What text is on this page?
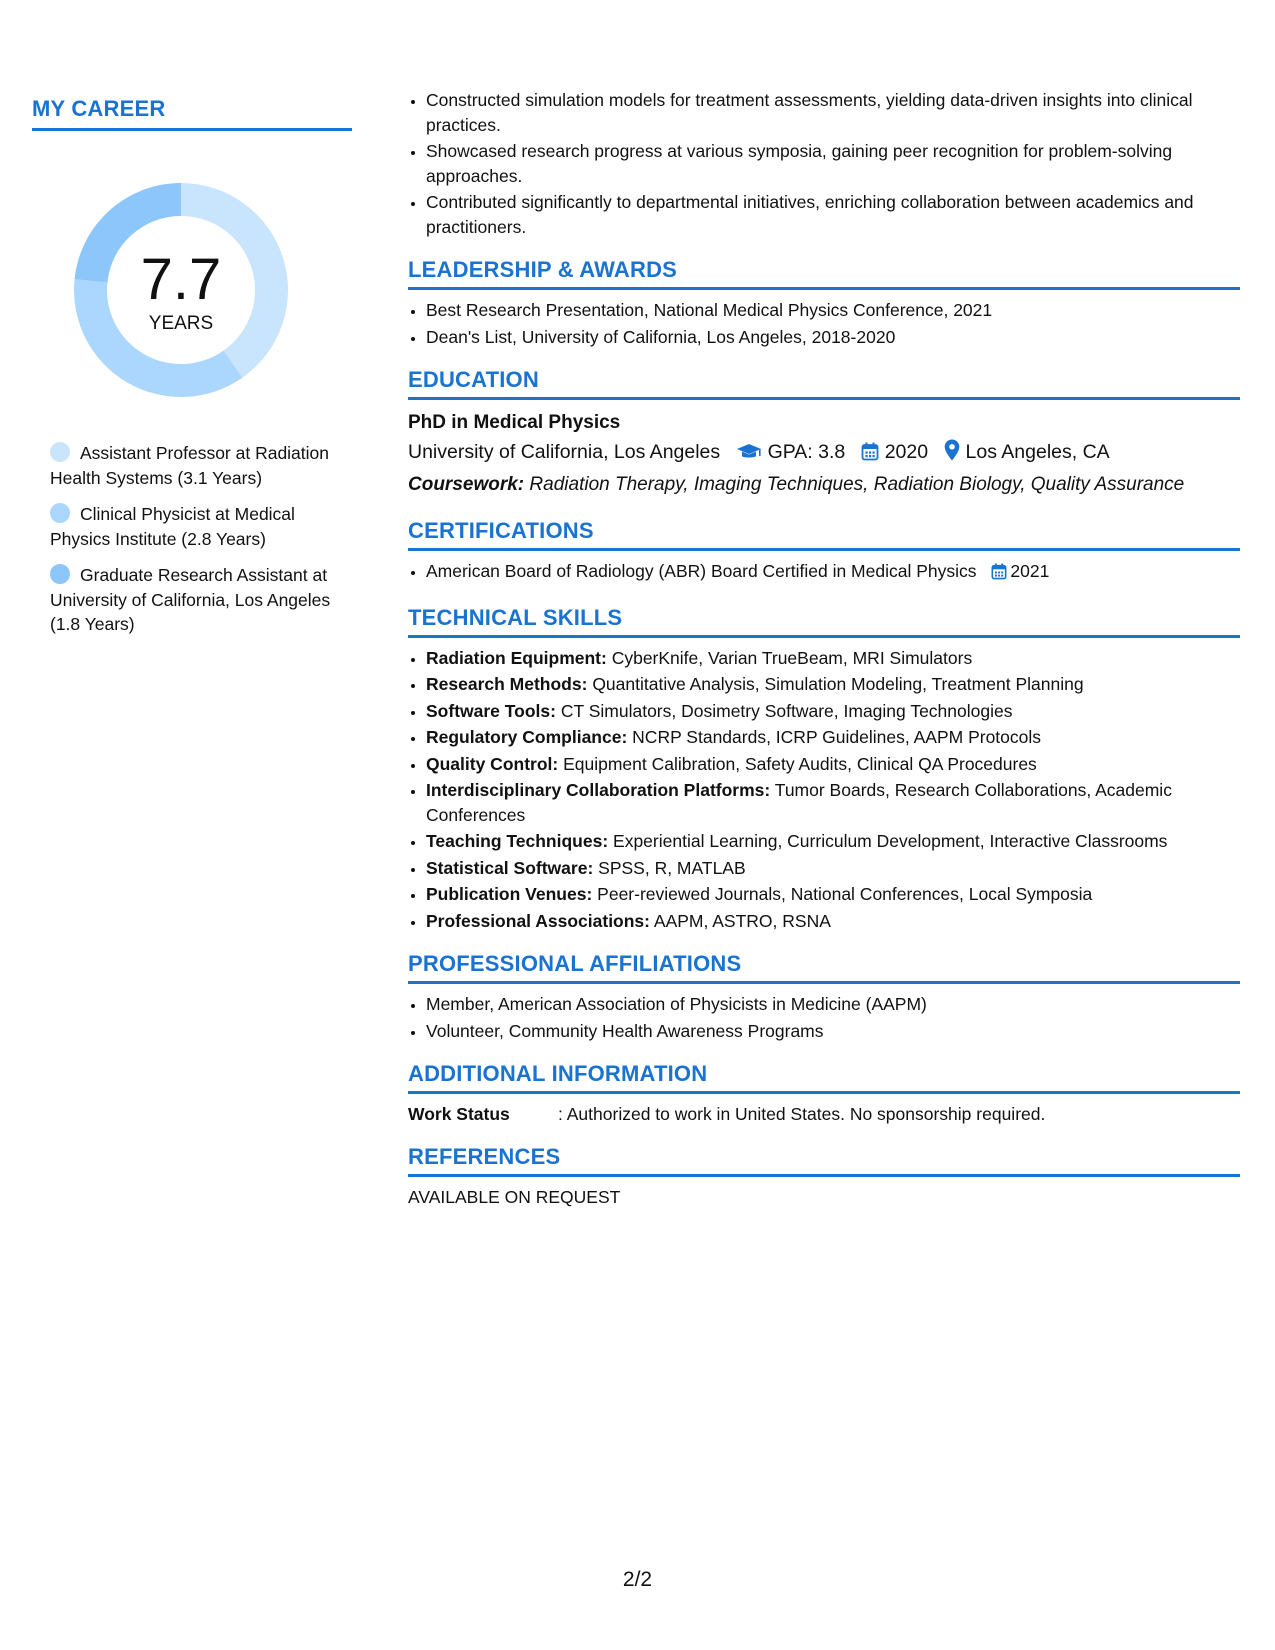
MY CAREER
7.7
YEARS
Assistant Professor at Radiation Health Systems (3.1 Years)
Clinical Physicist at Medical Physics Institute (2.8 Years)
Graduate Research Assistant at University of California, Los Angeles (1.8 Years)
• Constructed simulation models for treatment assessments, yielding data-driven insights into clinical practices.
• Showcased research progress at various symposia, gaining peer recognition for problem-solving approaches.
• Contributed significantly to departmental initiatives, enriching collaboration between academics and practitioners.
LEADERSHIP & AWARDS
• Best Research Presentation, National Medical Physics Conference, 2021
• Dean's List, University of California, Los Angeles, 2018-2020
EDUCATION
PhD in Medical Physics
University of California, Los Angeles GPA: 3.8 2020 Los Angeles, CA
Coursework: Radiation Therapy, Imaging Techniques, Radiation Biology, Quality Assurance
CERTIFICATIONS
• American Board of Radiology (ABR) Board Certified in Medical Physics 2021
TECHNICAL SKILLS
• Radiation Equipment: CyberKnife, Varian TrueBeam, MRI Simulators
• Research Methods: Quantitative Analysis, Simulation Modeling, Treatment Planning
• Software Tools: CT Simulators, Dosimetry Software, Imaging Technologies
• Regulatory Compliance: NCRP Standards, ICRP Guidelines, AAPM Protocols
• Quality Control: Equipment Calibration, Safety Audits, Clinical QA Procedures
• Interdisciplinary Collaboration Platforms: Tumor Boards, Research Collaborations, Academic Conferences
• Teaching Techniques: Experiential Learning, Curriculum Development, Interactive Classrooms
• Statistical Software: SPSS, R, MATLAB
• Publication Venues: Peer-reviewed Journals, National Conferences, Local Symposia
• Professional Associations: AAPM, ASTRO, RSNA
PROFESSIONAL AFFILIATIONS
• Member, American Association of Physicists in Medicine (AAPM)
• Volunteer, Community Health Awareness Programs
ADDITIONAL INFORMATION
Work Status	: Authorized to work in United States. No sponsorship required.
REFERENCES
AVAILABLE ON REQUEST
2/2
